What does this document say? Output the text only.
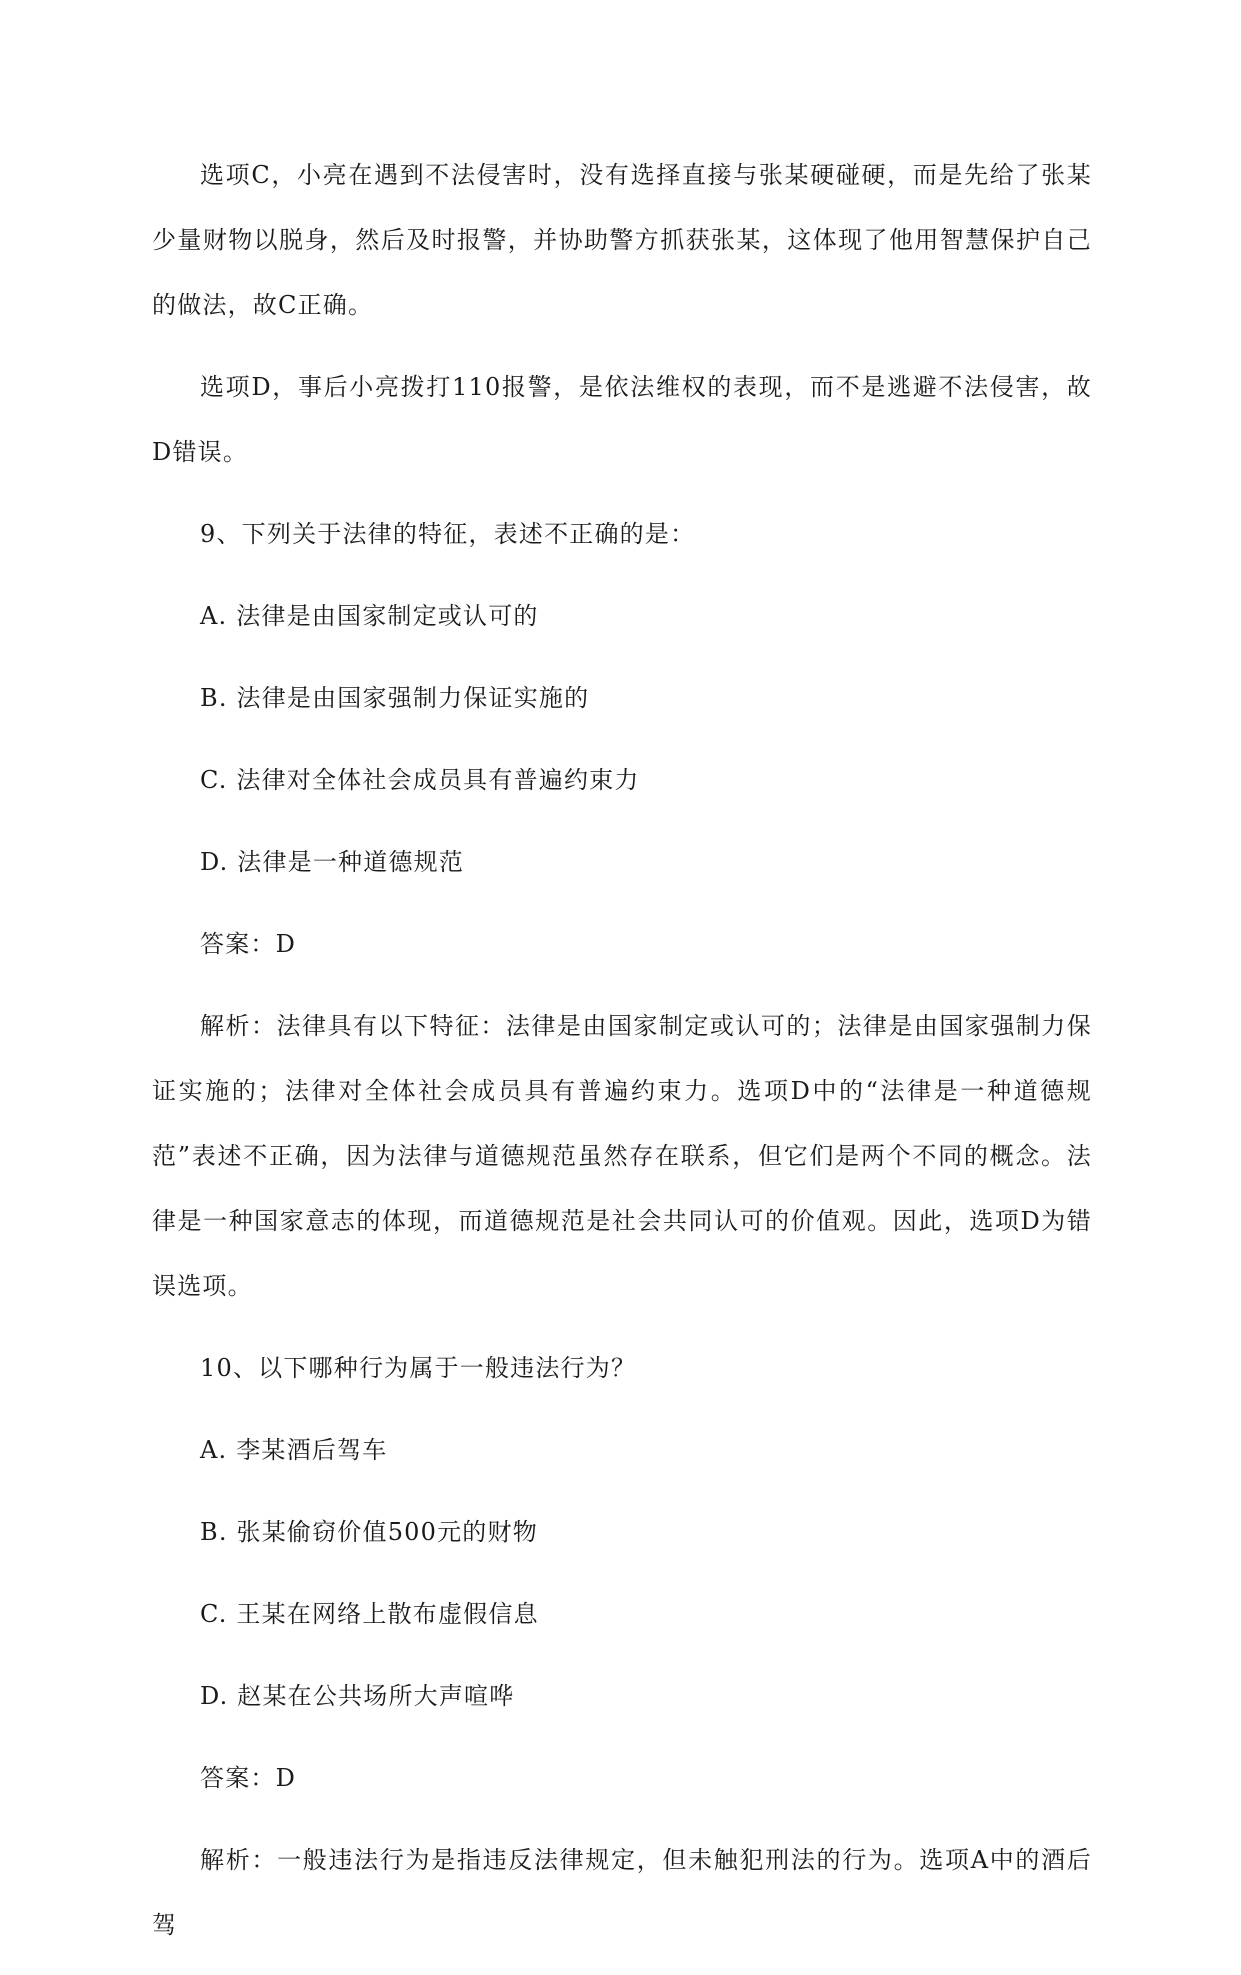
选项C，小亮在遇到不法侵害时，没有选择直接与张某硬碰硬，而是先给了张某少量财物以脱身，然后及时报警，并协助警方抓获张某，这体现了他用智慧保护自己的做法，故C正确。

选项D，事后小亮拨打110报警，是依法维权的表现，而不是逃避不法侵害，故D错误。

9、下列关于法律的特征，表述不正确的是：

A. 法律是由国家制定或认可的

B. 法律是由国家强制力保证实施的

C. 法律对全体社会成员具有普遍约束力

D. 法律是一种道德规范

答案：D

解析：法律具有以下特征：法律是由国家制定或认可的；法律是由国家强制力保证实施的；法律对全体社会成员具有普遍约束力。选项D中的“法律是一种道德规范”表述不正确，因为法律与道德规范虽然存在联系，但它们是两个不同的概念。法律是一种国家意志的体现，而道德规范是社会共同认可的价值观。因此，选项D为错误选项。

10、以下哪种行为属于一般违法行为？

A. 李某酒后驾车

B. 张某偷窃价值500元的财物

C. 王某在网络上散布虚假信息

D. 赵某在公共场所大声喧哗

答案：D

解析：一般违法行为是指违反法律规定，但未触犯刑法的行为。选项A中的酒后驾
